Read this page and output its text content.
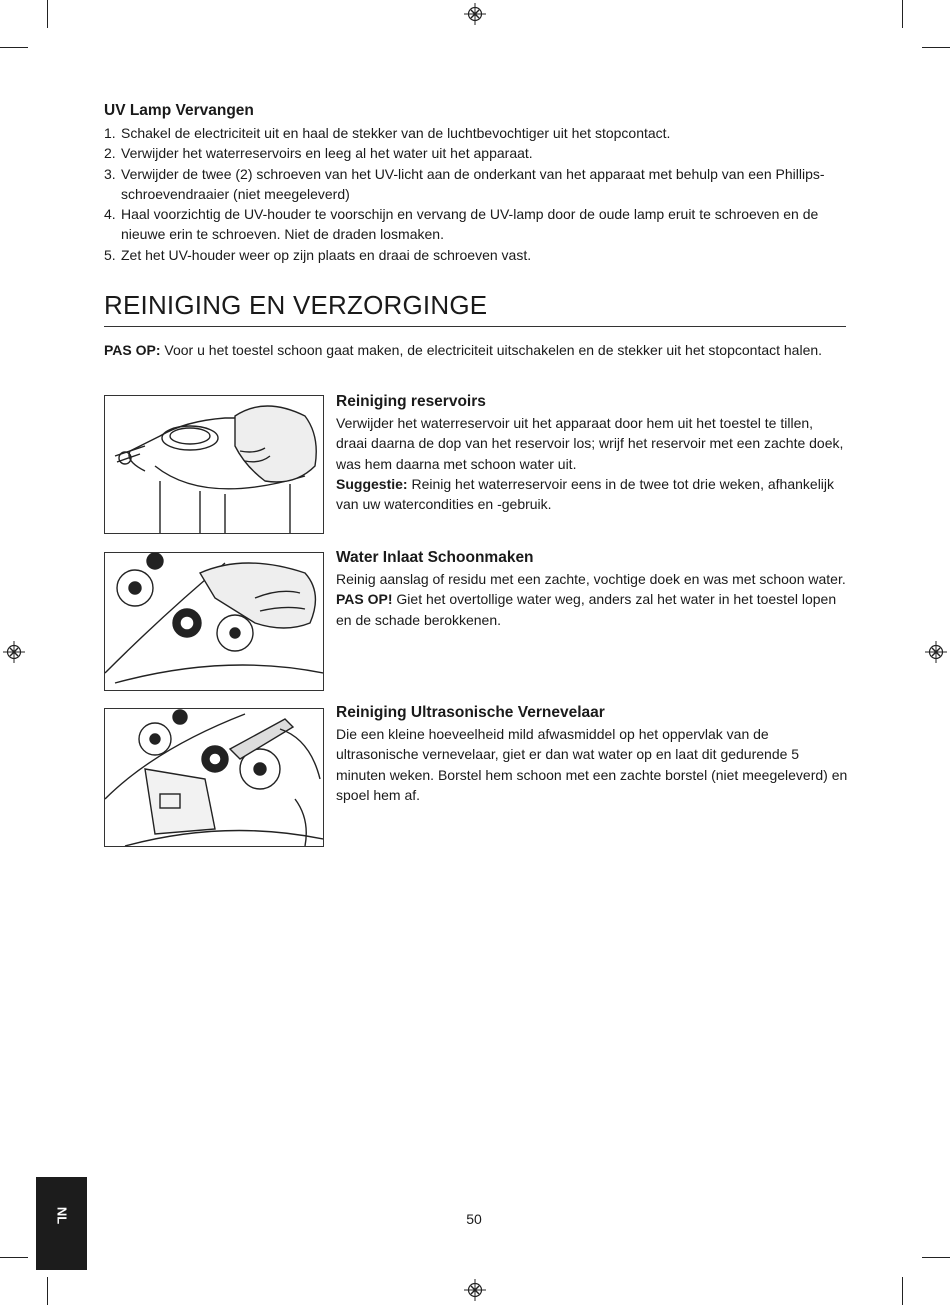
UV Lamp Vervangen
1. Schakel de electriciteit uit en haal de stekker van de luchtbevochtiger uit het stopcontact.
2. Verwijder het waterreservoirs en leeg al het water uit het apparaat.
3. Verwijder de twee (2) schroeven van het UV-licht aan de onderkant van het apparaat met behulp van een Phillips-schroevendraaier (niet meegeleverd)
4. Haal voorzichtig de UV-houder te voorschijn en vervang de UV-lamp door de oude lamp eruit te schroeven en de nieuwe erin te schroeven. Niet de draden losmaken.
5. Zet het UV-houder weer op zijn plaats en draai de schroeven vast.
REINIGING EN VERZORGINGE
PAS OP: Voor u het toestel schoon gaat maken, de electriciteit uitschakelen en de stekker uit het stopcontact halen.
Reiniging reservoirs

Verwijder het waterreservoir uit het apparaat door hem uit het toestel te tillen, draai daarna de dop van het reservoir los; wrijf het reservoir met een zachte doek, was hem daarna met schoon water uit.

Suggestie: Reinig het waterreservoir eens in de twee tot drie weken, afhankelijk van uw watercondities en -gebruik.

Water Inlaat Schoonmaken

Reinig aanslag of residu met een zachte, vochtige doek en was met schoon water.

PAS OP! Giet het overtollige water weg, anders zal het water in het toestel lopen en de schade berokkenen.

Reiniging Ultrasonische Vernevelaar

Die een kleine hoeveelheid mild afwasmiddel op het oppervlak van de ultrasonische vernevelaar, giet er dan wat water op en laat dit gedurende 5 minuten weken. Borstel hem schoon met een zachte borstel (niet meegeleverd) en spoel hem af.

NL	50
